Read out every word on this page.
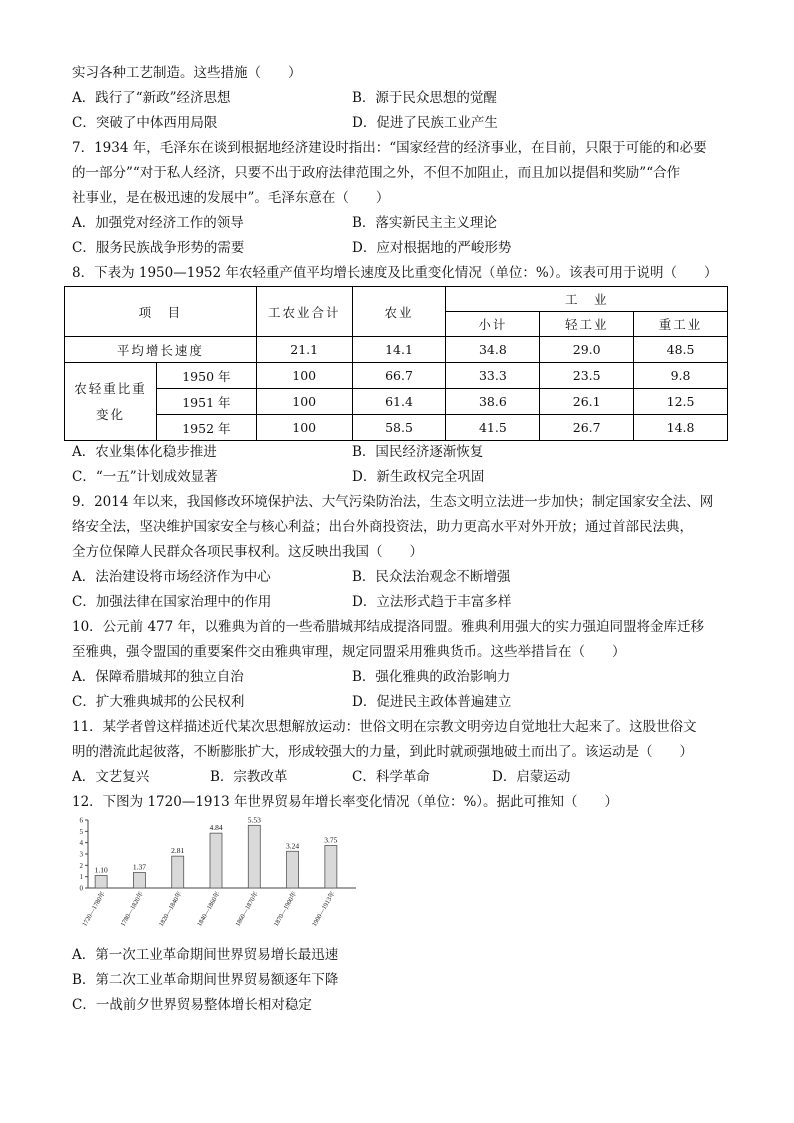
实习各种工艺制造。这些措施（　　）
A．践行了“新政”经济思想	B．源于民众思想的觉醒
C．突破了中体西用局限	D．促进了民族工业产生
7．1934 年，毛泽东在谈到根据地经济建设时指出：“国家经营的经济事业，在目前，只限于可能的和必要
的一部分”“对于私人经济，只要不出于政府法律范围之外，不但不加阻止，而且加以提倡和奖励”“合作
社事业，是在极迅速的发展中”。毛泽东意在（　　）
A．加强党对经济工作的领导	B．落实新民主主义理论
C．服务民族战争形势的需要	D．应对根据地的严峻形势
8．下表为 1950—1952 年农轻重产值平均增长速度及比重变化情况（单位：%）。该表可用于说明（　　）
项　目		工农业合计	农业	工　业		
				小计	轻工业	重工业
平均增长速度		21.1	14.1	34.8	29.0	48.5
农轻重比重变化	1950 年	100	66.7	33.3	23.5	9.8
	1951 年	100	61.4	38.6	26.1	12.5
	1952 年	100	58.5	41.5	26.7	14.8
A．农业集体化稳步推进	B．国民经济逐渐恢复
C．“一五”计划成效显著	D．新生政权完全巩固
9．2014 年以来，我国修改环境保护法、大气污染防治法，生态文明立法进一步加快；制定国家安全法、网
络安全法，坚决维护国家安全与核心利益；出台外商投资法，助力更高水平对外开放；通过首部民法典，
全方位保障人民群众各项民事权利。这反映出我国（　　）
A．法治建设将市场经济作为中心	B．民众法治观念不断增强
C．加强法律在国家治理中的作用	D．立法形式趋于丰富多样
10．公元前 477 年，以雅典为首的一些希腊城邦结成提洛同盟。雅典利用强大的实力强迫同盟将金库迁移
至雅典，强令盟国的重要案件交由雅典审理，规定同盟采用雅典货币。这些举措旨在（　　）
A．保障希腊城邦的独立自治	B．强化雅典的政治影响力
C．扩大雅典城邦的公民权利	D．促进民主政体普遍建立
11．某学者曾这样描述近代某次思想解放运动：世俗文明在宗教文明旁边自觉地壮大起来了。这股世俗文
明的潜流此起彼落，不断膨胀扩大，形成较强大的力量，到此时就顽强地破土而出了。该运动是（　　）
A．文艺复兴	B．宗教改革	C．科学革命	D．启蒙运动
12．下图为 1720—1913 年世界贸易年增长率变化情况（单位：%）。据此可推知（　　）
0
1
2
3
4
5
6
1.10
1720—1780年
1.37
1780—1820年
2.81
1820—1840年
4.84
1840—1860年
5.53
1860—1870年
3.24
1870—1900年
3.75
1900—1913年
A．第一次工业革命期间世界贸易增长最迅速
B．第二次工业革命期间世界贸易额逐年下降
C．一战前夕世界贸易整体增长相对稳定
